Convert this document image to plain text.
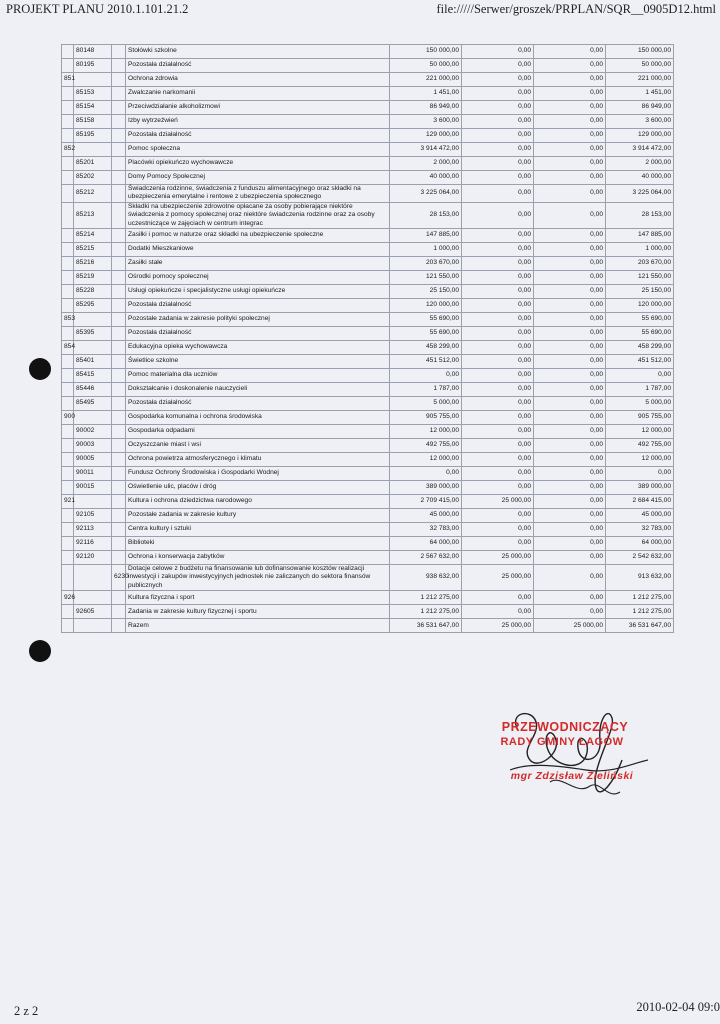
PROJEKT PLANU 2010.1.101.21.2	file://///Serwer/groszek/PRPLAN/SQR__0905D12.html
	80148		Stołówki szkolne	150 000,00	0,00	0,00	150 000,00
	80195		Pozostała działalność	50 000,00	0,00	0,00	50 000,00
851			Ochrona zdrowia	221 000,00	0,00	0,00	221 000,00
	85153		Zwalczanie narkomanii	1 451,00	0,00	0,00	1 451,00
	85154		Przeciwdziałanie alkoholizmowi	86 949,00	0,00	0,00	86 949,00
	85158		Izby wytrzeźwień	3 600,00	0,00	0,00	3 600,00
	85195		Pozostała działalność	129 000,00	0,00	0,00	129 000,00
852			Pomoc społeczna	3 914 472,00	0,00	0,00	3 914 472,00
	85201		Placówki opiekuńczo wychowawcze	2 000,00	0,00	0,00	2 000,00
	85202		Domy Pomocy Społecznej	40 000,00	0,00	0,00	40 000,00
	85212		Świadczenia rodzinne, świadczenia z funduszu alimentacyjnego oraz składki na ubezpieczenia emerytalne i rentowe z ubezpieczenia społecznego	3 225 064,00	0,00	0,00	3 225 064,00
	85213		Składki na ubezpieczenie zdrowotne opłacane za osoby pobierające niektóre świadczenia z pomocy społecznej oraz niektóre świadczenia rodzinne oraz za osoby uczestniczące w zajęciach w centrum integrac	28 153,00	0,00	0,00	28 153,00
	85214		Zasiłki i pomoc w naturze oraz składki na ubezpieczenie społeczne	147 885,00	0,00	0,00	147 885,00
	85215		Dodatki Mieszkaniowe	1 000,00	0,00	0,00	1 000,00
	85216		Zasiłki stałe	203 670,00	0,00	0,00	203 670,00
	85219		Ośrodki pomocy społecznej	121 550,00	0,00	0,00	121 550,00
	85228		Usługi opiekuńcze i specjalistyczne usługi opiekuńcze	25 150,00	0,00	0,00	25 150,00
	85295		Pozostała działalność	120 000,00	0,00	0,00	120 000,00
853			Pozostałe zadania w zakresie polityki społecznej	55 690,00	0,00	0,00	55 690,00
	85395		Pozostała działalność	55 690,00	0,00	0,00	55 690,00
854			Edukacyjna opieka wychowawcza	458 299,00	0,00	0,00	458 299,00
	85401		Świetlice szkolne	451 512,00	0,00	0,00	451 512,00
	85415		Pomoc materialna dla uczniów	0,00	0,00	0,00	0,00
	85446		Dokształcanie i doskonalenie nauczycieli	1 787,00	0,00	0,00	1 787,00
	85495		Pozostała działalność	5 000,00	0,00	0,00	5 000,00
900			Gospodarka komunalna i ochrona środowiska	905 755,00	0,00	0,00	905 755,00
	90002		Gospodarka odpadami	12 000,00	0,00	0,00	12 000,00
	90003		Oczyszczanie miast i wsi	492 755,00	0,00	0,00	492 755,00
	90005		Ochrona powietrza atmosferycznego i klimatu	12 000,00	0,00	0,00	12 000,00
	90011		Fundusz Ochrony Środowiska i Gospodarki Wodnej	0,00	0,00	0,00	0,00
	90015		Oświetlenie ulic, placów i dróg	389 000,00	0,00	0,00	389 000,00
921			Kultura i ochrona dziedzictwa narodowego	2 709 415,00	25 000,00	0,00	2 684 415,00
	92105		Pozostałe zadania w zakresie kultury	45 000,00	0,00	0,00	45 000,00
	92113		Centra kultury i sztuki	32 783,00	0,00	0,00	32 783,00
	92116		Biblioteki	64 000,00	0,00	0,00	64 000,00
	92120		Ochrona i konserwacja zabytków	2 567 632,00	25 000,00	0,00	2 542 632,00
		6230	Dotacje celowe z budżetu na finansowanie lub dofinansowanie kosztów realizacji inwestycji i zakupów inwestycyjnych jednostek nie zaliczanych do sektora finansów publicznych	938 632,00	25 000,00	0,00	913 632,00
926			Kultura fizyczna i sport	1 212 275,00	0,00	0,00	1 212 275,00
	92605		Zadania w zakresie kultury fizycznej i sportu	1 212 275,00	0,00	0,00	1 212 275,00
			Razem	36 531 647,00	25 000,00	25 000,00	36 531 647,00
PRZEWODNICZĄCY
RADY GMINY ŁAGÓW
mgr Zdzisław Zieliński
2 z 2	2010-02-04 09:0
